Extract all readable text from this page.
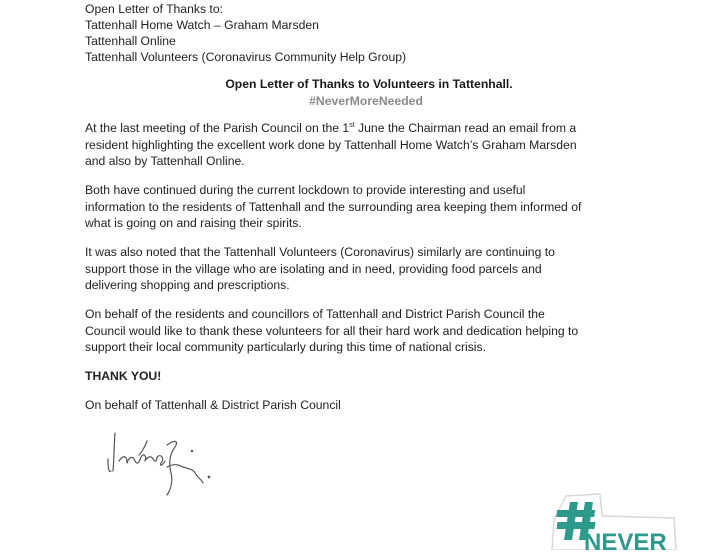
Open Letter of Thanks to:
Tattenhall Home Watch – Graham Marsden
Tattenhall Online
Tattenhall Volunteers (Coronavirus Community Help Group)
Open Letter of Thanks to Volunteers in Tattenhall.
#NeverMoreNeeded

At the last meeting of the Parish Council on the 1st June the Chairman read an email from a
resident highlighting the excellent work done by Tattenhall Home Watch’s Graham Marsden
and also by Tattenhall Online.

Both have continued during the current lockdown to provide interesting and useful
information to the residents of Tattenhall and the surrounding area keeping them informed of
what is going on and raising their spirits.

It was also noted that the Tattenhall Volunteers (Coronavirus) similarly are continuing to
support those in the village who are isolating and in need, providing food parcels and
delivering shopping and prescriptions.

On behalf of the residents and councillors of Tattenhall and District Parish Council the
Council would like to thank these volunteers for all their hard work and dedication helping to
support their local community particularly during this time of national crisis.

THANK YOU!

On behalf of Tattenhall & District Parish Council

NEVER
